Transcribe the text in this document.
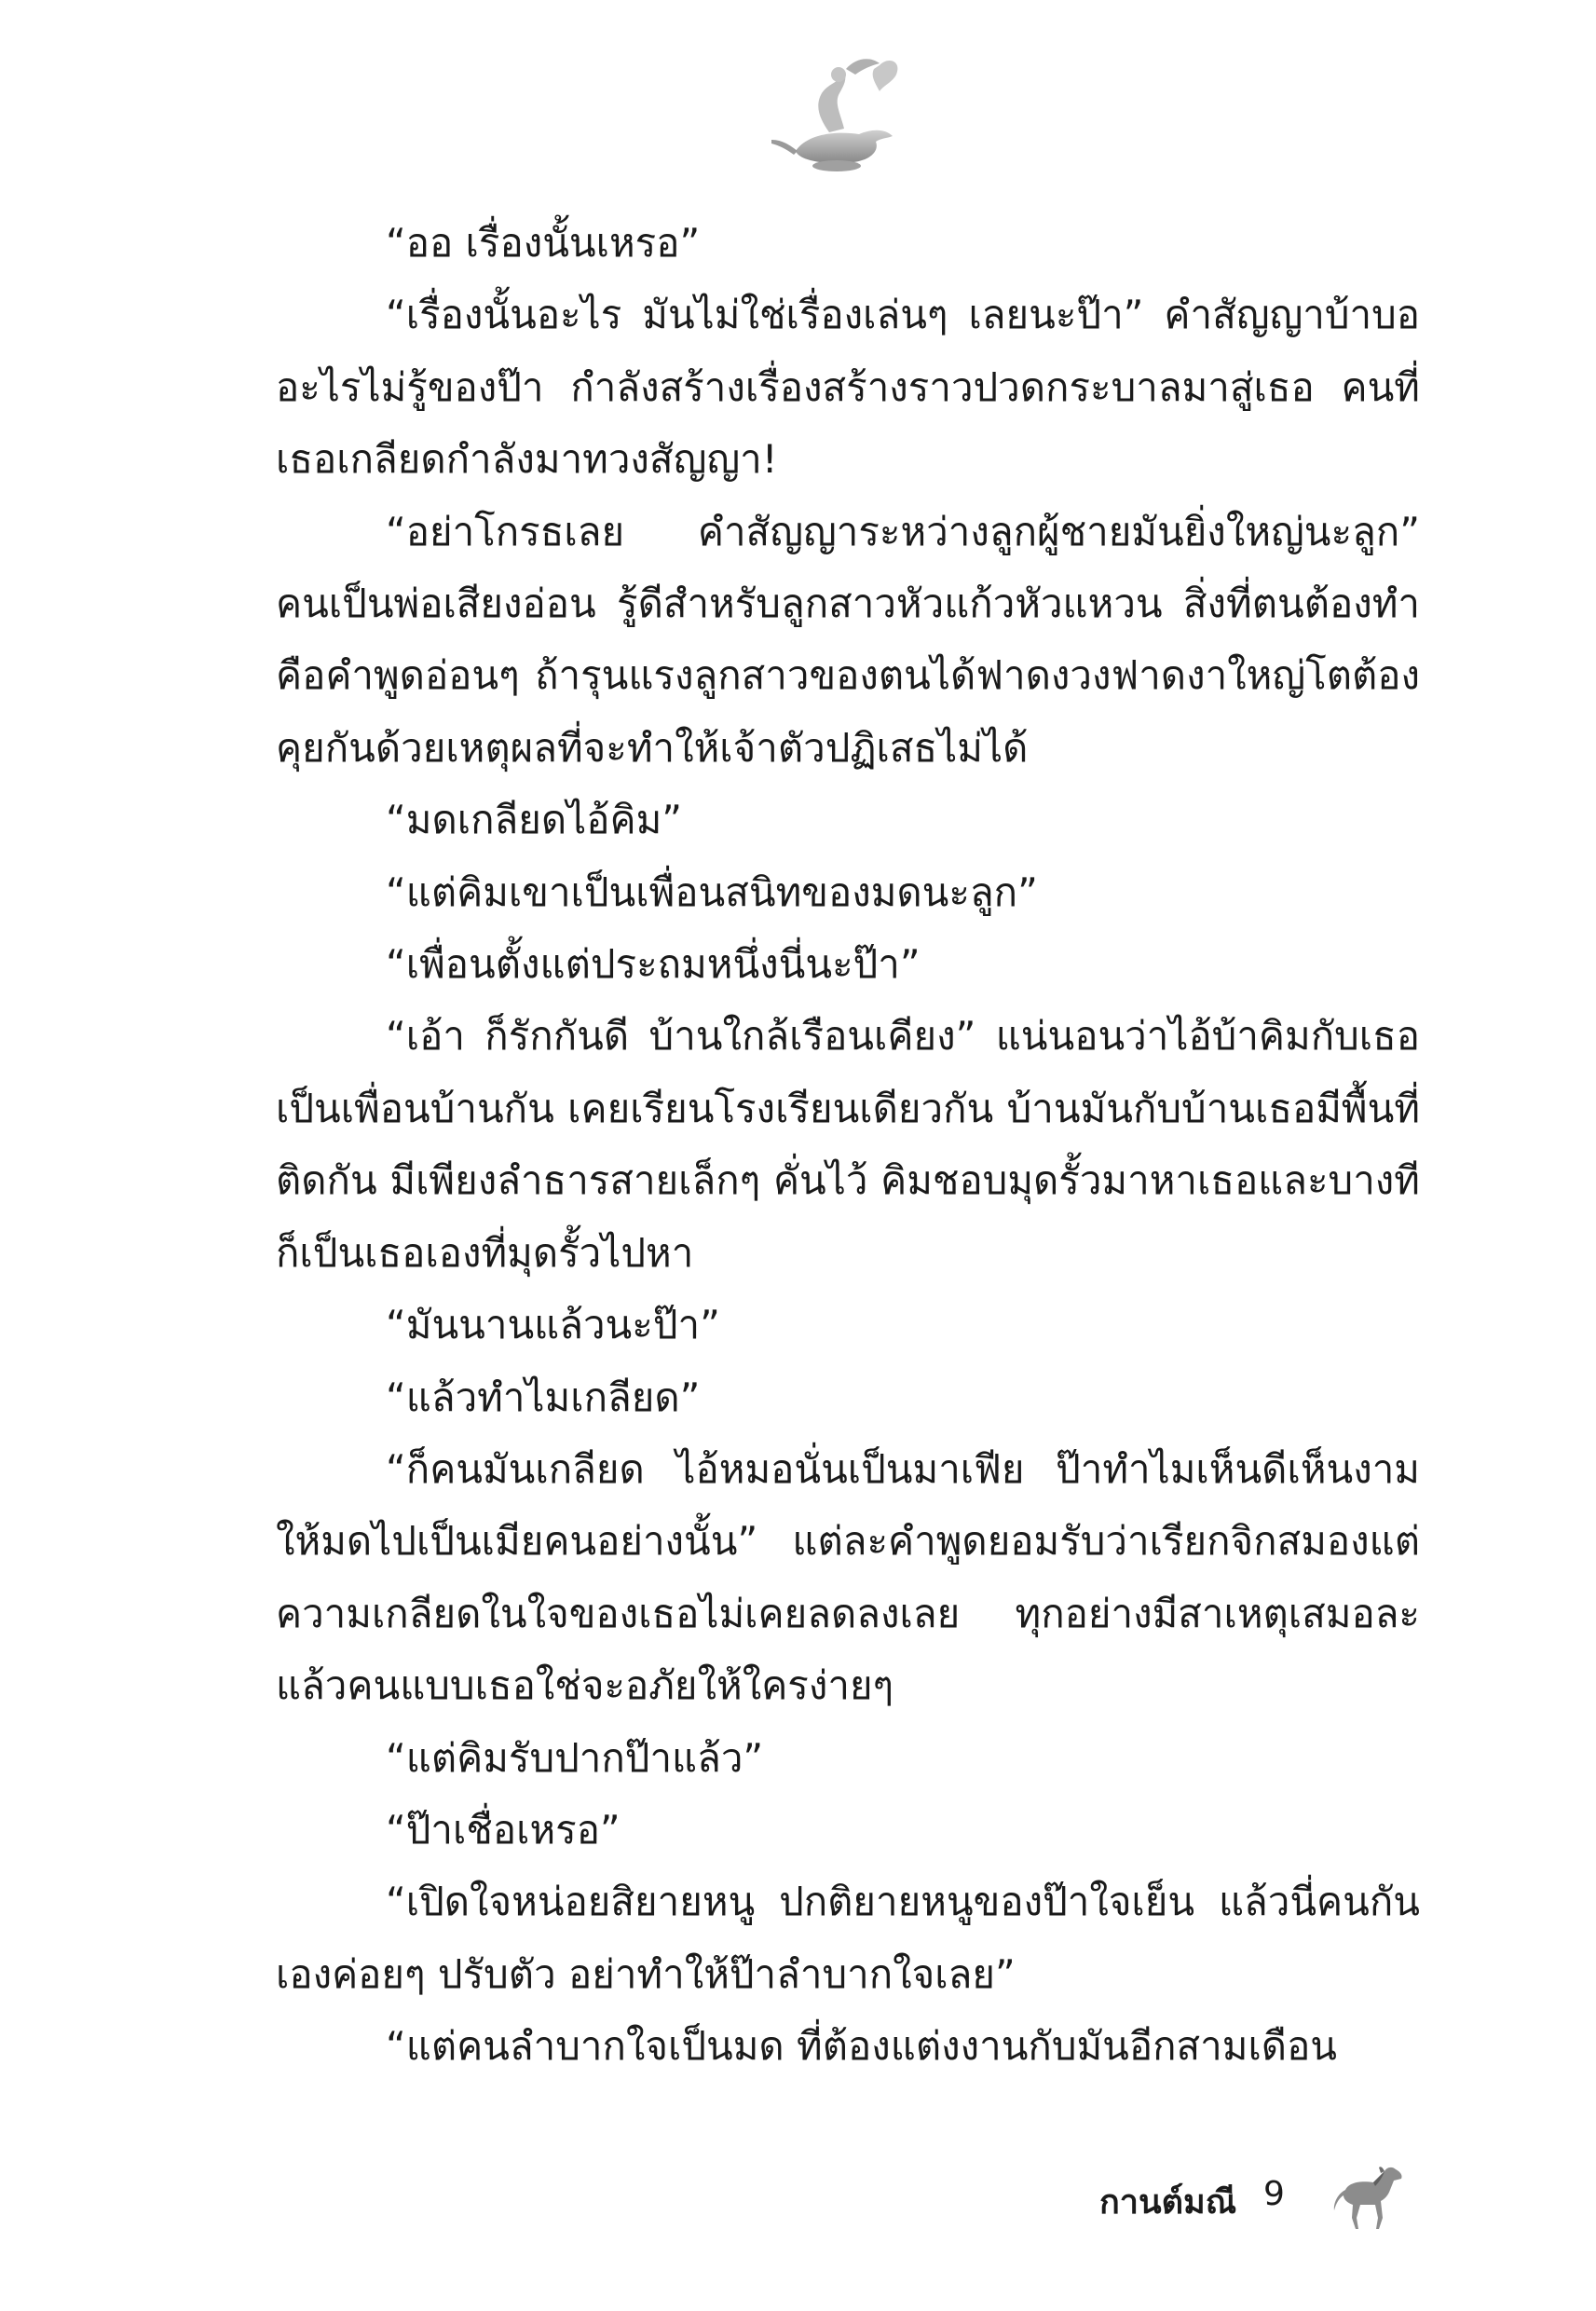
“ออ เรื่องนั้นเหรอ”

“เรื่องนั้นอะไร มันไม่ใช่เรื่องเล่นๆ เลยนะป๊า” คำสัญญาบ้าบออะไรไม่รู้ของป๊า กำลังสร้างเรื่องสร้างราวปวดกระบาลมาสู่เธอ คนที่เธอเกลียดกำลังมาทวงสัญญา!

“อย่าโกรธเลย คำสัญญาระหว่างลูกผู้ชายมันยิ่งใหญ่นะลูก” คนเป็นพ่อเสียงอ่อน รู้ดีสำหรับลูกสาวหัวแก้วหัวแหวน สิ่งที่ตนต้องทำคือคำพูดอ่อนๆ ถ้ารุนแรงลูกสาวของตนได้ฟาดงวงฟาดงาใหญ่โตต้องคุยกันด้วยเหตุผลที่จะทำให้เจ้าตัวปฏิเสธไม่ได้

“มดเกลียดไอ้คิม”

“แต่คิมเขาเป็นเพื่อนสนิทของมดนะลูก”

“เพื่อนตั้งแต่ประถมหนึ่งนี่นะป๊า”

“เอ้า ก็รักกันดี บ้านใกล้เรือนเคียง” แน่นอนว่าไอ้บ้าคิมกับเธอเป็นเพื่อนบ้านกัน เคยเรียนโรงเรียนเดียวกัน บ้านมันกับบ้านเธอมีพื้นที่ติดกัน มีเพียงลำธารสายเล็กๆ คั่นไว้ คิมชอบมุดรั้วมาหาเธอและบางทีก็เป็นเธอเองที่มุดรั้วไปหา

“มันนานแล้วนะป๊า”

“แล้วทำไมเกลียด”

“ก็คนมันเกลียด ไอ้หมอนั่นเป็นมาเฟีย ป๊าทำไมเห็นดีเห็นงามให้มดไปเป็นเมียคนอย่างนั้น” แต่ละคำพูดยอมรับว่าเรียกจิกสมองแต่ความเกลียดในใจของเธอไม่เคยลดลงเลย ทุกอย่างมีสาเหตุเสมอละแล้วคนแบบเธอใช่จะอภัยให้ใครง่ายๆ

“แต่คิมรับปากป๊าแล้ว”

“ป๊าเชื่อเหรอ”

“เปิดใจหน่อยสิยายหนู ปกติยายหนูของป๊าใจเย็น แล้วนี่คนกันเองค่อยๆ ปรับตัว อย่าทำให้ป๊าลำบากใจเลย”

“แต่คนลำบากใจเป็นมด ที่ต้องแต่งงานกับมันอีกสามเดือน

กานต์มณี 9
